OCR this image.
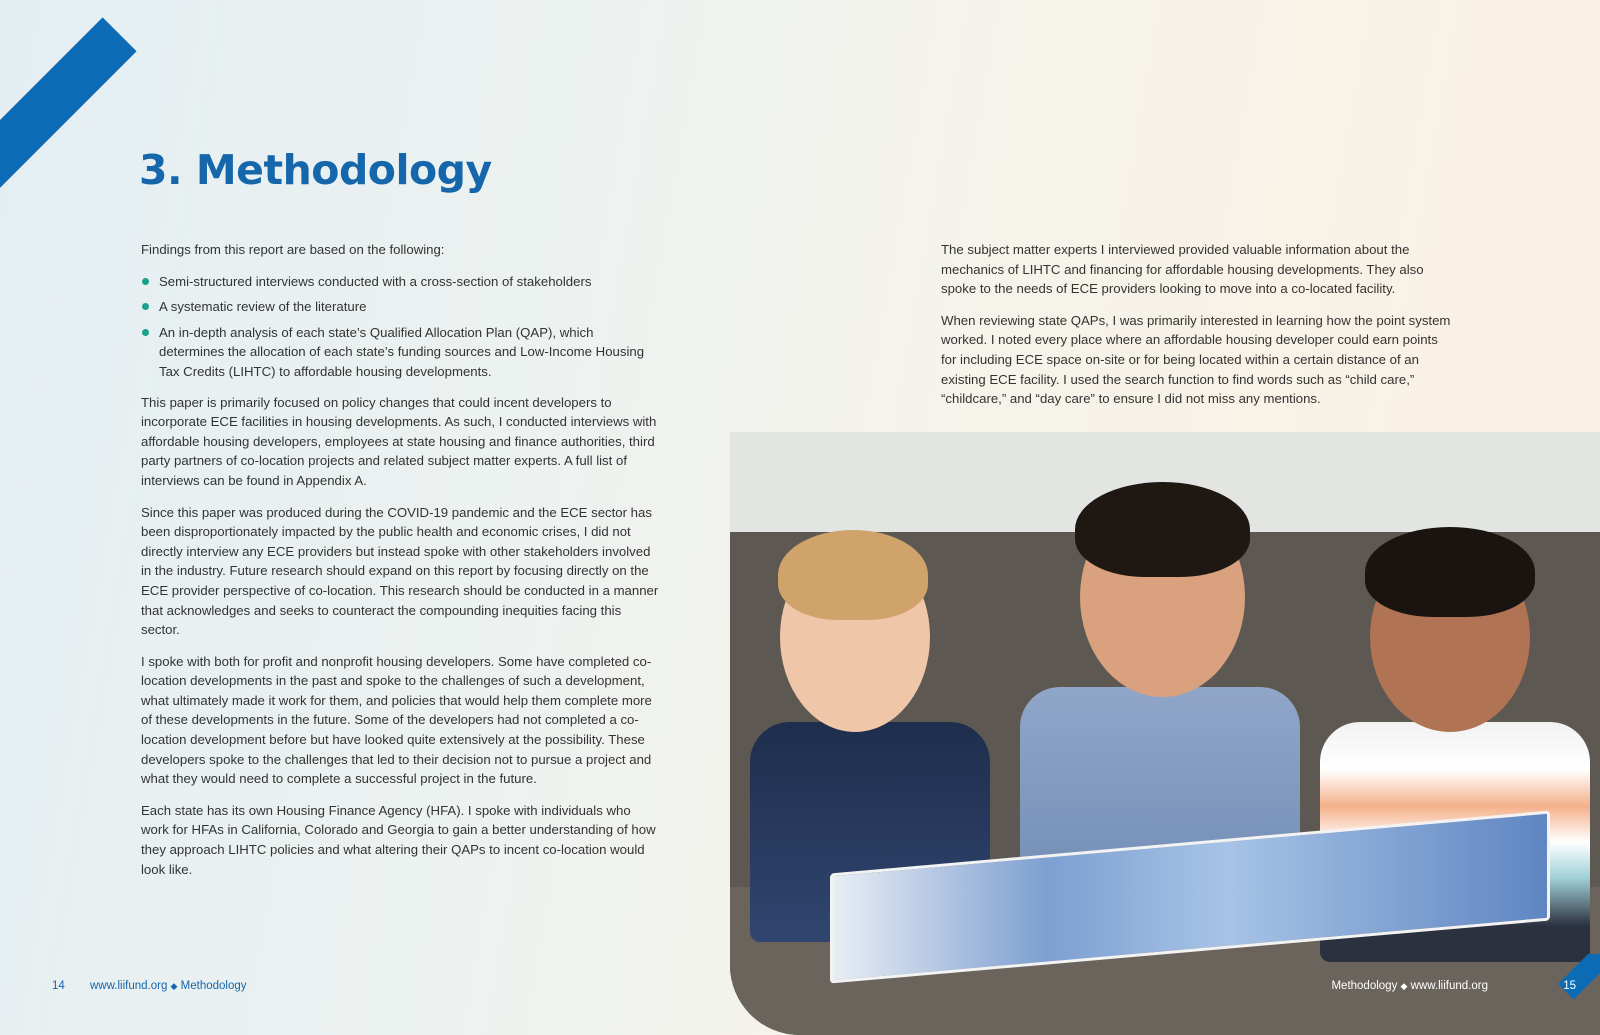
3. Methodology

Findings from this report are based on the following:

Semi-structured interviews conducted with a cross-section of stakeholders
A systematic review of the literature
An in-depth analysis of each state’s Qualified Allocation Plan (QAP), which determines the allocation of each state’s funding sources and Low-Income Housing Tax Credits (LIHTC) to affordable housing developments.

This paper is primarily focused on policy changes that could incent developers to incorporate ECE facilities in housing developments. As such, I conducted interviews with affordable housing developers, employees at state housing and finance authorities, third party partners of co-location projects and related subject matter experts. A full list of interviews can be found in Appendix A.

Since this paper was produced during the COVID-19 pandemic and the ECE sector has been disproportionately impacted by the public health and economic crises, I did not directly interview any ECE providers but instead spoke with other stakeholders involved in the industry. Future research should expand on this report by focusing directly on the ECE provider perspective of co-location. This research should be conducted in a manner that acknowledges and seeks to counteract the compounding inequities facing this sector.

I spoke with both for profit and nonprofit housing developers. Some have completed co-location developments in the past and spoke to the challenges of such a development, what ultimately made it work for them, and policies that would help them complete more of these developments in the future. Some of the developers had not completed a co-location development before but have looked quite extensively at the possibility. These developers spoke to the challenges that led to their decision not to pursue a project and what they would need to complete a successful project in the future.

Each state has its own Housing Finance Agency (HFA). I spoke with individuals who work for HFAs in California, Colorado and Georgia to gain a better understanding of how they approach LIHTC policies and what altering their QAPs to incent co-location would look like.

14 www.liifund.org ◆ Methodology

The subject matter experts I interviewed provided valuable information about the mechanics of LIHTC and financing for affordable housing developments. They also spoke to the needs of ECE providers looking to move into a co-located facility.

When reviewing state QAPs, I was primarily interested in learning how the point system worked. I noted every place where an affordable housing developer could earn points for including ECE space on-site or for being located within a certain distance of an existing ECE facility. I used the search function to find words such as “child care,” “childcare,” and “day care” to ensure I did not miss any mentions.

Methodology ◆ www.liifund.org	15
